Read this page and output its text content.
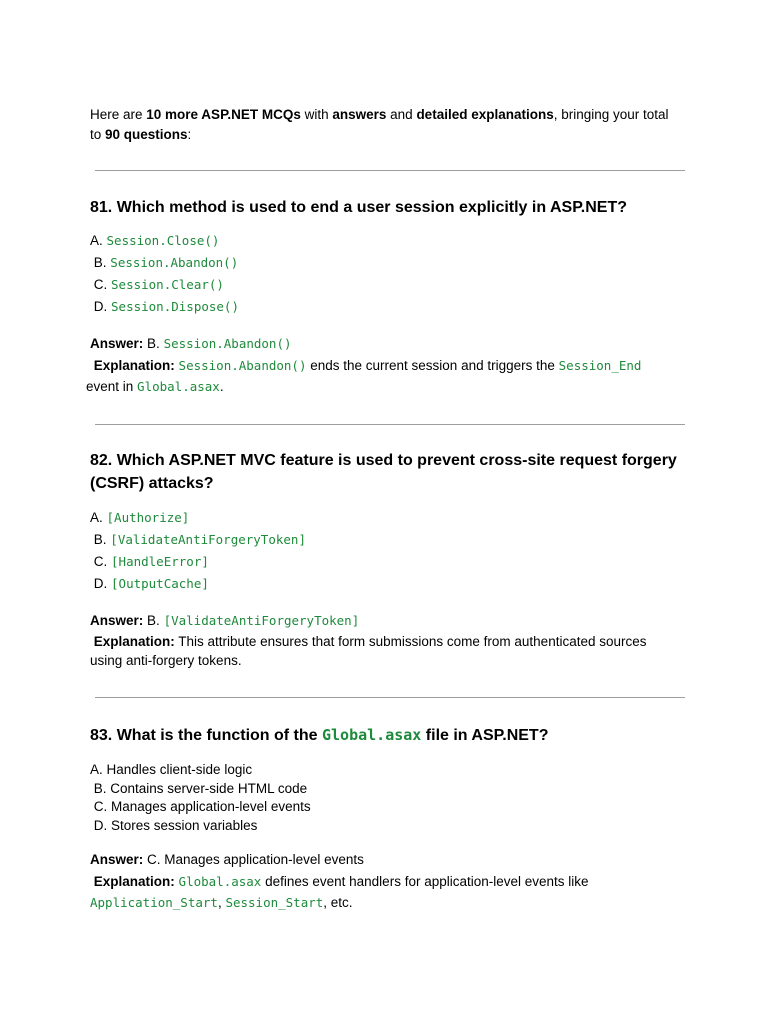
Here are 10 more ASP.NET MCQs with answers and detailed explanations, bringing your total to 90 questions:

81. Which method is used to end a user session explicitly in ASP.NET?

A. Session.Close()

B. Session.Abandon()

C. Session.Clear()

D. Session.Dispose()

Answer: B. Session.Abandon()

Explanation: Session.Abandon() ends the current session and triggers the Session_End
event in Global.asax.

82. Which ASP.NET MVC feature is used to prevent cross-site request forgery (CSRF) attacks?

A. [Authorize]

B. [ValidateAntiForgeryToken]

C. [HandleError]

D. [OutputCache]

Answer: B. [ValidateAntiForgeryToken]

Explanation: This attribute ensures that form submissions come from authenticated sources using anti-forgery tokens.

83. What is the function of the Global.asax file in ASP.NET?

A. Handles client-side logic

B. Contains server-side HTML code

C. Manages application-level events

D. Stores session variables

Answer: C. Manages application-level events

Explanation: Global.asax defines event handlers for application-level events like
Application_Start, Session_Start, etc.
